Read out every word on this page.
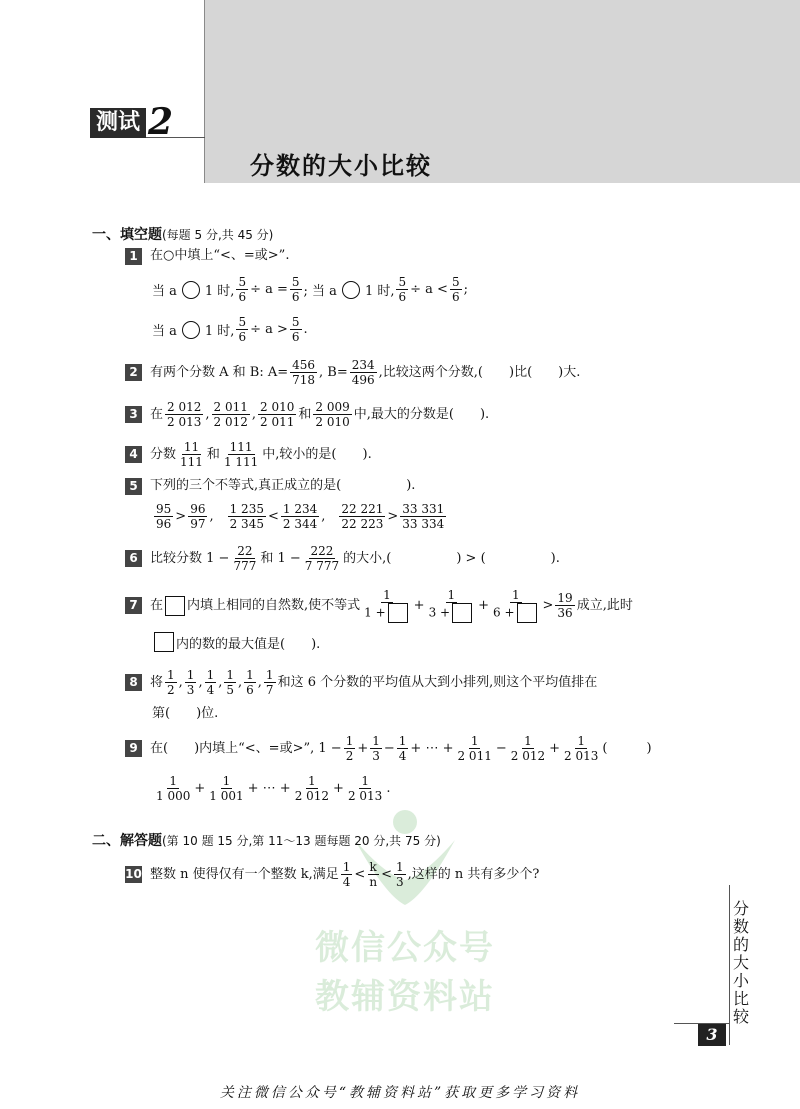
测试 2
分数的大小比较
微信公众号
教辅资料站
一、填空题(每题 5 分,共 45 分)
1 在○中填上“<、=或>”.
当 a 1 时, $\frac{5}{6} \div a = \frac{5}{6}$ ; 当 a 1 时, $\frac{5}{6} \div a < \frac{5}{6}$ ;
当 a 1 时, $\frac{5}{6} \div a > \frac{5}{6}$ .
2 有两个分数 A 和 B: $A= \frac{456}{718}$ , $B= \frac{234}{496}$ ,比较这两个分数,(　　)比(　　)大.
3 在 $\frac{2 012}{2 013}$ , $\frac{2 011}{2 012}$ , $\frac{2 010}{2 011}$ 和 $\frac{2 009}{2 010}$ 中,最大的分数是(　　).
4 分数 $\frac{11}{111}$ 和 $\frac{111}{1 111}$ 中,较小的是(　　).
5 下列的三个不等式,真正成立的是(　　　　　).
$\frac{95}{96} > \frac{96}{97}$ , $\frac{1 235}{2 345} < \frac{1 234}{2 344}$ , $\frac{22 221}{22 223} > \frac{33 331}{33 334}$
6 比较分数 $1 - \frac{22}{777}$ 和 $1 - \frac{222}{7 777}$ 的大小,(　　　　　) > (　　　　　).
7 在 内填上相同的自然数,使不等式 $\frac{1}{1 +} + \frac{1}{3 +} + \frac{1}{6 +} > \frac{19}{36}$ 成立,此时
内的数的最大值是(　　).
8 将 $\frac{1}{2}$ , $\frac{1}{3}$ , $\frac{1}{4}$ , $\frac{1}{5}$ , $\frac{1}{6}$ , $\frac{1}{7}$ 和这 6 个分数的平均值从大到小排列,则这个平均值排在
第(　　)位.
9 在(　　)内填上“<、=或>”, $1 - \frac{1}{2} + \frac{1}{3} - \frac{1}{4}$ + ⋯ + $\frac{1}{2 011} - \frac{1}{2 012} + \frac{1}{2 013}$ (　　　)
$\frac{1}{1 000} + \frac{1}{1 001}$ + ⋯ + $\frac{1}{2 012} + \frac{1}{2 013}$ .
二、解答题(第 10 题 15 分,第 11～13 题每题 20 分,共 75 分)
10 整数 n 使得仅有一个整数 k,满足 $\frac{1}{4} < \frac{k}{n} < \frac{1}{3}$ ,这样的 n 共有多少个?
分数的大小比较
3
关注微信公众号“教辅资料站”获取更多学习资料
